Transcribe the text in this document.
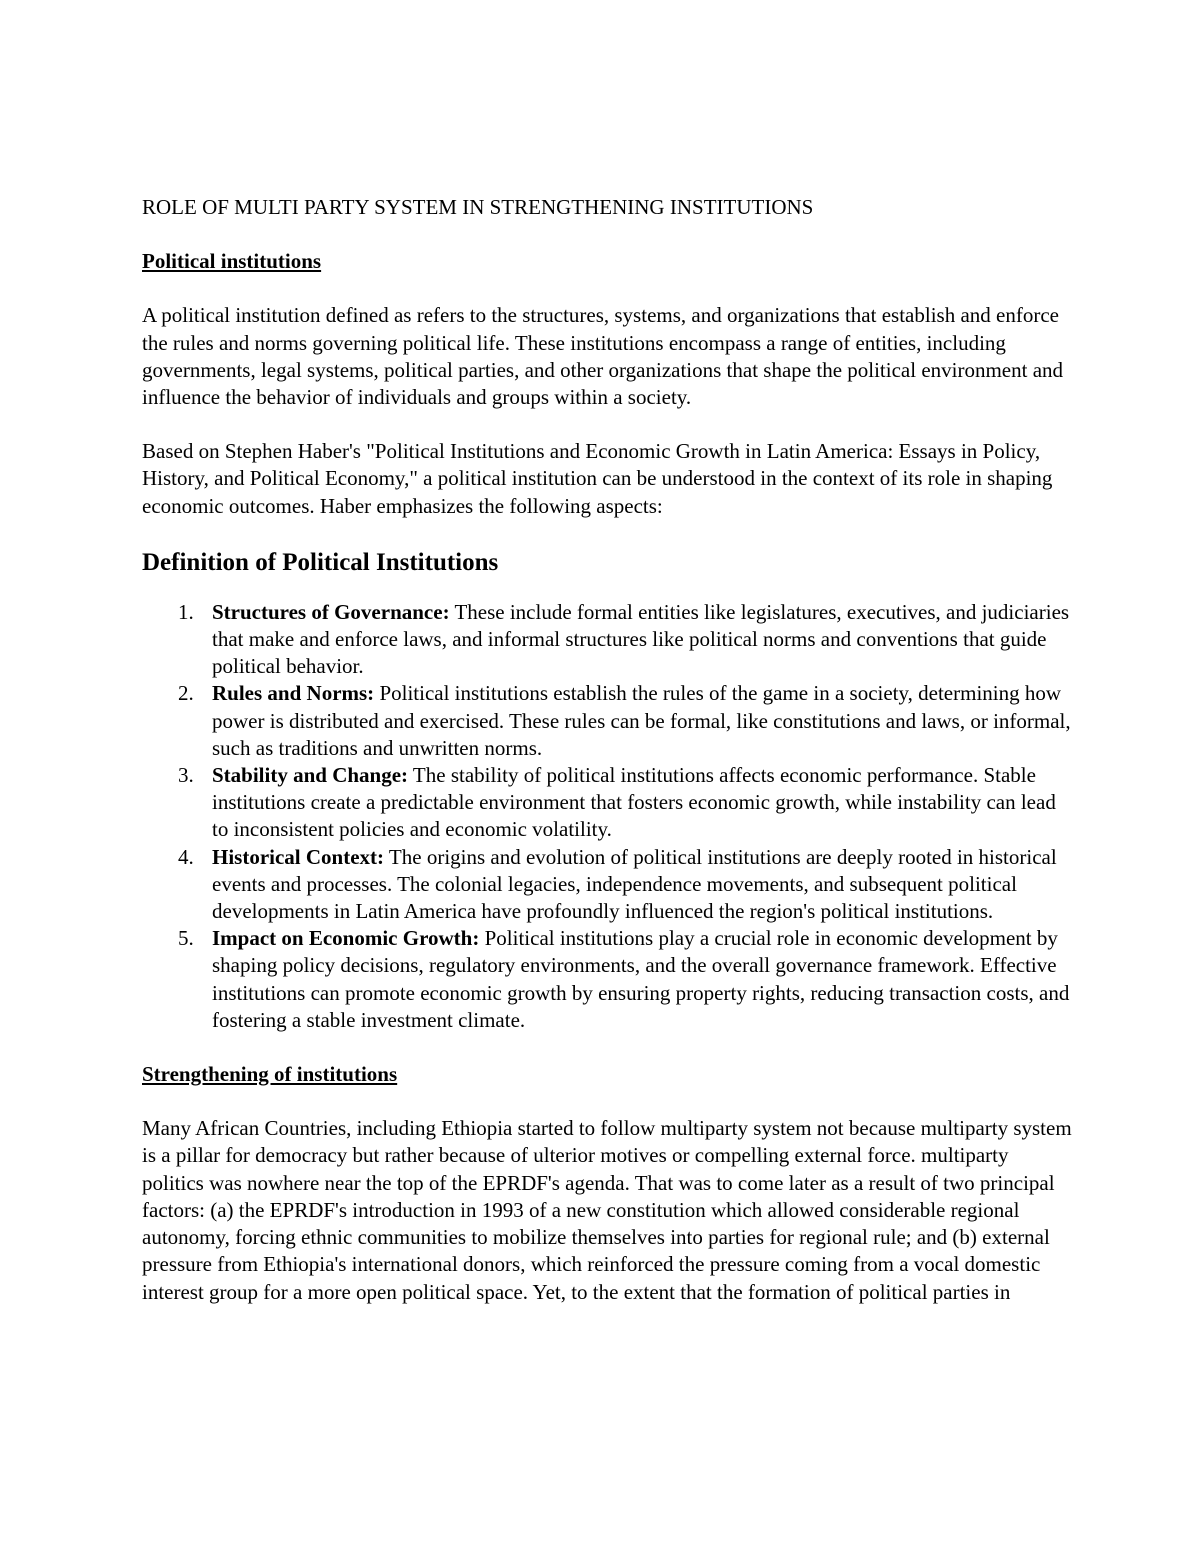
ROLE OF MULTI PARTY SYSTEM IN STRENGTHENING INSTITUTIONS

Political institutions

A political institution defined as refers to the structures, systems, and organizations that establish and enforce the rules and norms governing political life. These institutions encompass a range of entities, including governments, legal systems, political parties, and other organizations that shape the political environment and influence the behavior of individuals and groups within a society.

Based on Stephen Haber's "Political Institutions and Economic Growth in Latin America: Essays in Policy, History, and Political Economy," a political institution can be understood in the context of its role in shaping economic outcomes. Haber emphasizes the following aspects:

Definition of Political Institutions

1. Structures of Governance: These include formal entities like legislatures, executives, and judiciaries that make and enforce laws, and informal structures like political norms and conventions that guide political behavior.
2. Rules and Norms: Political institutions establish the rules of the game in a society, determining how power is distributed and exercised. These rules can be formal, like constitutions and laws, or informal, such as traditions and unwritten norms.
3. Stability and Change: The stability of political institutions affects economic performance. Stable institutions create a predictable environment that fosters economic growth, while instability can lead to inconsistent policies and economic volatility.
4. Historical Context: The origins and evolution of political institutions are deeply rooted in historical events and processes. The colonial legacies, independence movements, and subsequent political developments in Latin America have profoundly influenced the region's political institutions.
5. Impact on Economic Growth: Political institutions play a crucial role in economic development by shaping policy decisions, regulatory environments, and the overall governance framework. Effective institutions can promote economic growth by ensuring property rights, reducing transaction costs, and fostering a stable investment climate.

Strengthening of institutions

Many African Countries, including Ethiopia started to follow multiparty system not because multiparty system is a pillar for democracy but rather because of ulterior motives or compelling external force. multiparty politics was nowhere near the top of the EPRDF's agenda. That was to come later as a result of two principal factors: (a) the EPRDF's introduction in 1993 of a new constitution which allowed considerable regional autonomy, forcing ethnic communities to mobilize themselves into parties for regional rule; and (b) external pressure from Ethiopia's international donors, which reinforced the pressure coming from a vocal domestic interest group for a more open political space. Yet, to the extent that the formation of political parties in
